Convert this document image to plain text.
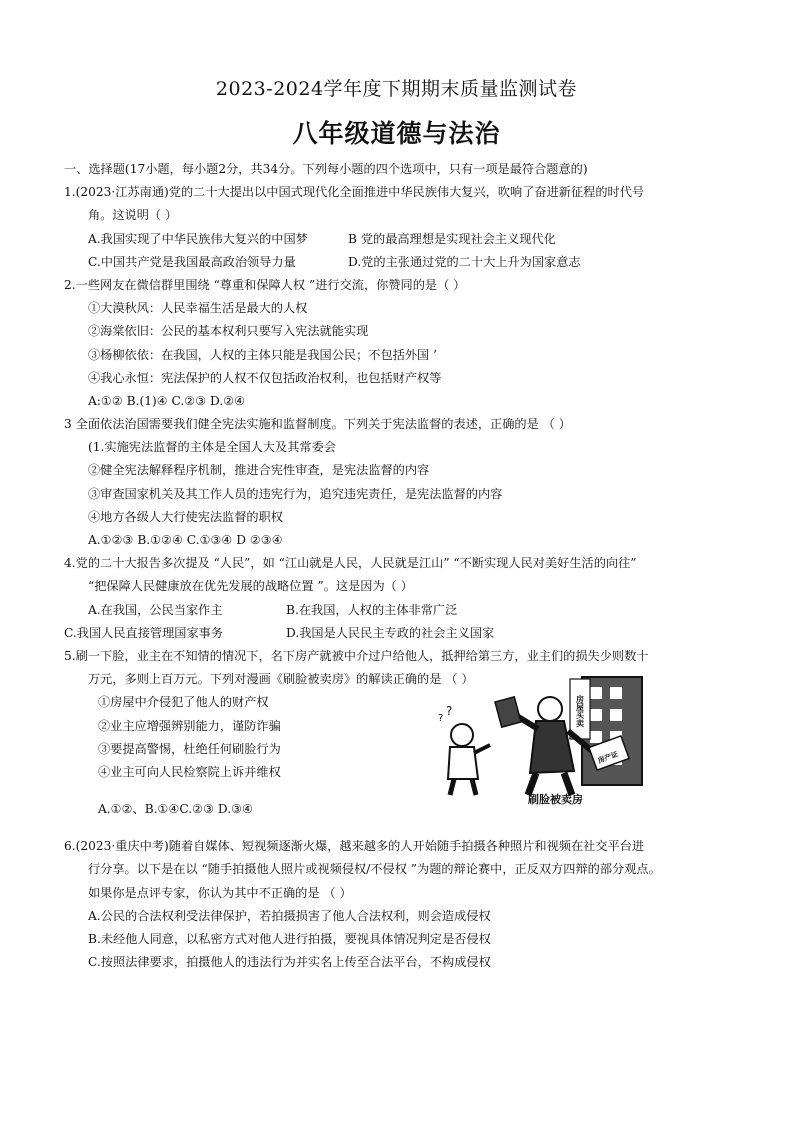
2023-2024学年度下期期末质量监测试卷
八年级道德与法治
一、选择题(17小题，每小题2分，共34分。下列每小题的四个选项中，只有一项是最符合题意的)
1.(2023·江苏南通)党的二十大提出以中国式现代化全面推进中华民族伟大复兴，吹响了奋进新征程的时代号
角。这说明（ ）
A.我国实现了中华民族伟大复兴的中国梦	B 党的最高理想是实现社会主义现代化
C.中国共产党是我国最高政治领导力量	D.党的主张通过党的二十大上升为国家意志
2.一些网友在微信群里围绕 “尊重和保障人权 ”进行交流，你赞同的是（ ）
①大漠秋风：人民幸福生活是最大的人权
②海棠依旧：公民的基本权利只要写入宪法就能实现
③杨柳依依：在我国，人权的主体只能是我国公民；不包括外国 ’
④我心永恒：宪法保护的人权不仅包括政治权利，也包括财产权等
A:①② B.(1)④ C.②③ D.②④
3 全面依法治国需要我们健全宪法实施和监督制度。下列关于宪法监督的表述，正确的是 （ ）
(1.实施宪法监督的主体是全国人大及其常委会
②健全宪法解释程序机制，推进合宪性审查，是宪法监督的内容
③审查国家机关及其工作人员的违宪行为，追究违宪责任，是宪法监督的内容
④地方各级人大行使宪法监督的职权
A.①②③ B.①②④ C.①③④ D ②③④
4.党的二十大报告多次提及 “人民”，如 “江山就是人民，人民就是江山” “不断实现人民对美好生活的向往”
“把保障人民健康放在优先发展的战略位置 ”。这是因为（ ）
A.在我国，公民当家作主	B.在我国，人权的主体非常广泛
C.我国人民直接管理国家事务	D.我国是人民民主专政的社会主义国家
5.刷一下脸，业主在不知情的情况下，名下房产就被中介过户给他人，抵押给第三方，业主们的损失少则数十
万元，多则上百万元。下列对漫画《刷脸被卖房》的解读正确的是 （ ）
①房屋中介侵犯了他人的财产权
②业主应增强辨别能力，谨防诈骗
③要提高警惕，杜绝任何刷脸行为
④业主可向人民检察院上诉并维权
A.①②、B.①④C.②③ D.③④
6.(2023·重庆中考)随着自媒体、短视频逐渐火爆，越来越多的人开始随手拍摄各种照片和视频在社交平台进
行分享。以下是在以 “随手拍摄他人照片或视频侵权/不侵权 ”为题的辩论赛中，正反双方四辩的部分观点。
如果你是点评专家，你认为其中不正确的是 （ ）
A.公民的合法权利受法律保护，若拍摄损害了他人合法权利，则会造成侵权
B.未经他人同意，以私密方式对他人进行拍摄，要视具体情况判定是否侵权
C.按照法律要求，拍摄他人的违法行为并实名上传至合法平台，不构成侵权
房屋买卖
房产证
?
?
刷脸被卖房
